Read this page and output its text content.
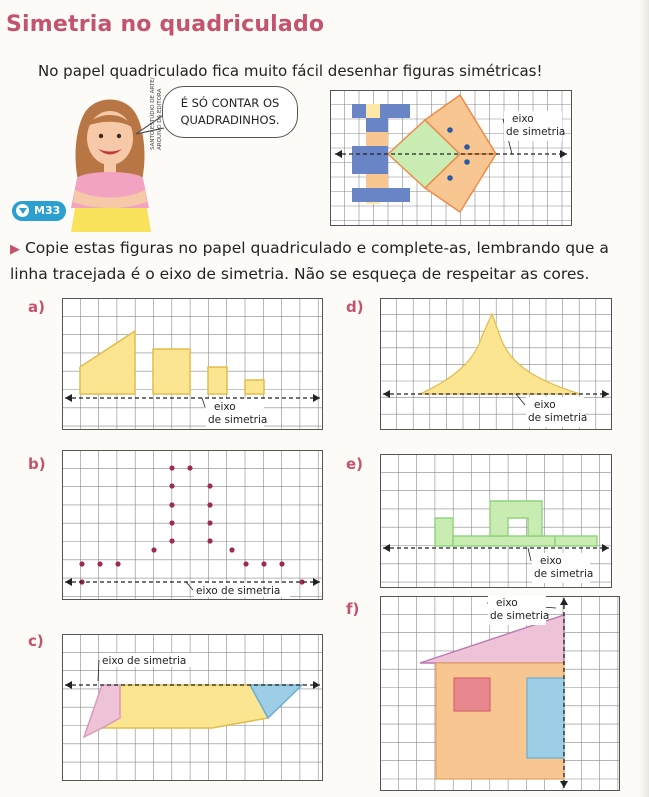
Simetria no quadriculado
No papel quadriculado fica muito fácil desenhar figuras simétricas!
É SÓ CONTAR OS
QUADRADINHOS.
SANTO ESTÚDIO DE ARTE/
ARQUIVO DA EDITORA
M33
eixo
de simetria
▶ Copie estas figuras no papel quadriculado e complete-as, lembrando que a linha tracejada é o eixo de simetria. Não se esqueça de respeitar as cores.
a)
b)
c)
d)
e)
f)
eixo
de simetria
eixo de simetria
eixo de simetria
eixo
de simetria
eixo
de simetria
eixo
de simetria
